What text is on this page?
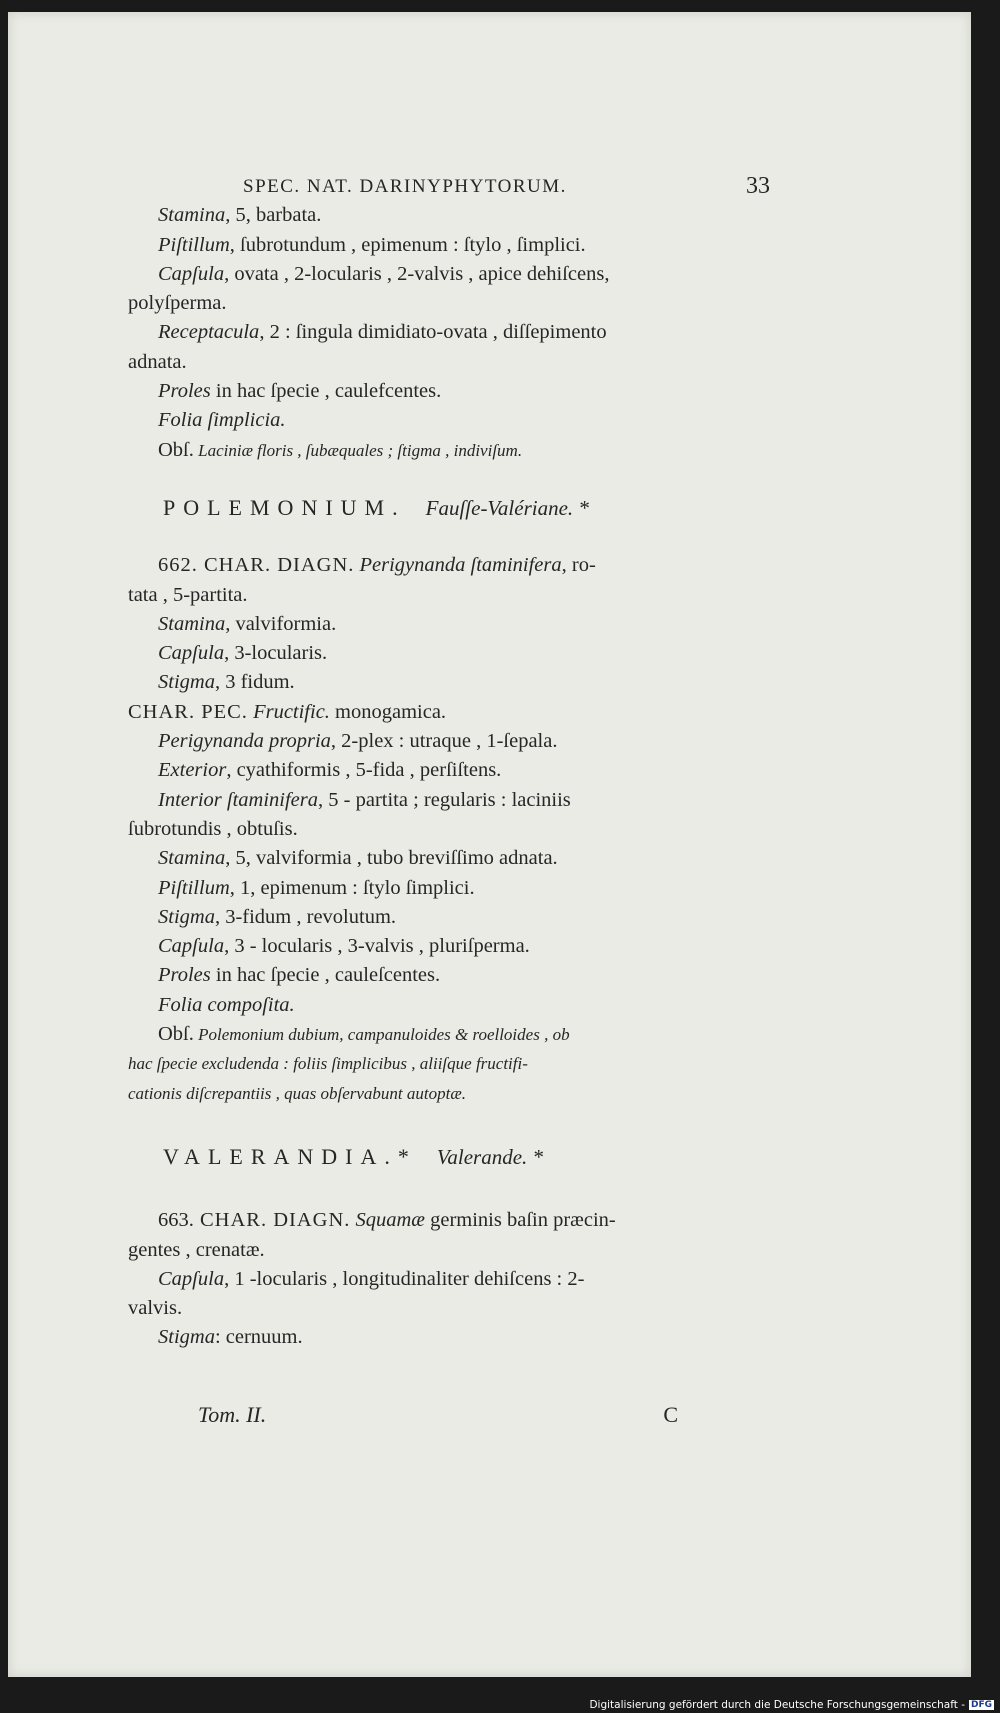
SPEC. NAT. DARINYPHYTORUM.	33
Stamina, 5, barbata.
Piſtillum, ſubrotundum , epimenum : ſtylo , ſimplici.
Capſula, ovata , 2-locularis , 2-valvis , apice dehiſcens,
polyſperma.
Receptacula, 2 : ſingula dimidiato-ovata , diſſepimento
adnata.
Proles in hac ſpecie , caulefcentes.
Folia ſimplicia.
Obſ. Laciniæ floris , ſubæquales ; ſtigma , indiviſum.
POLEMONIUM. Fauſſe-Valériane. *
662. CHAR. DIAGN. Perigynanda ſtaminifera, ro-
tata , 5-partita.
Stamina, valviformia.
Capſula, 3-locularis.
Stigma, 3 fidum.
CHAR. PEC. Fructific. monogamica.
Perigynanda propria, 2-plex : utraque , 1-ſepala.
Exterior, cyathiformis , 5-fida , perſiſtens.
Interior ſtaminifera, 5 - partita ; regularis : laciniis
ſubrotundis , obtuſis.
Stamina, 5, valviformia , tubo breviſſimo adnata.
Piſtillum, 1, epimenum : ſtylo ſimplici.
Stigma, 3-fidum , revolutum.
Capſula, 3 - locularis , 3-valvis , pluriſperma.
Proles in hac ſpecie , cauleſcentes.
Folia compoſita.
Obſ. Polemonium dubium, campanuloides & roelloides , ob
hac ſpecie excludenda : foliis ſimplicibus , aliiſque fructifi-
cationis diſcrepantiis , quas obſervabunt autoptæ.
VALERANDIA.* Valerande. *
663. CHAR. DIAGN. Squamæ germinis baſin præcin-
gentes , crenatæ.
Capſula, 1 -locularis , longitudinaliter dehiſcens : 2-
valvis.
Stigma: cernuum.
Tom. II.	C
Digitalisierung gefördert durch die Deutsche Forschungsgemeinschaft - DFG
